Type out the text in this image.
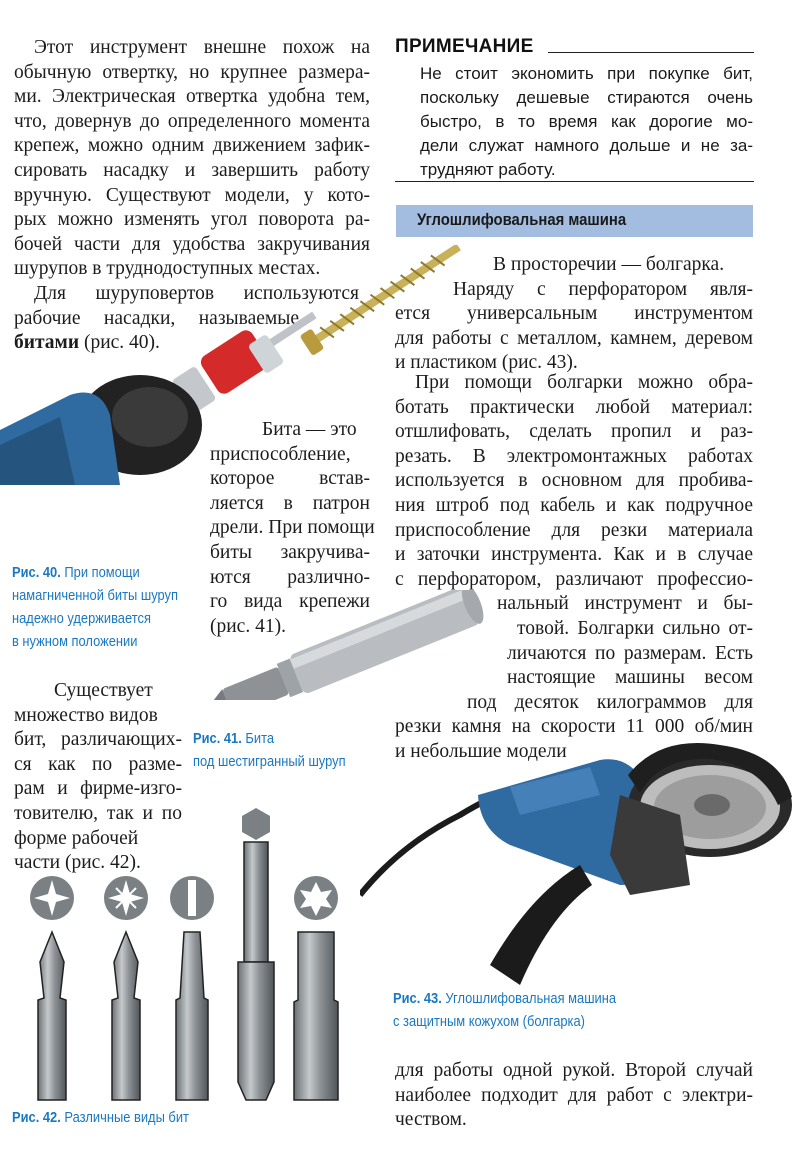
Этот инструмент внешне похож на
обычную отвертку, но крупнее размера-
ми. Электрическая отвертка удобна тем,
что, довернув до определенного момента
крепеж, можно одним движением зафик-
сировать насадку и завершить работу
вручную. Существуют модели, у кото-
рых можно изменять угол поворота ра-
бочей части для удобства закручивания
шурупов в труднодоступных местах.
Для шуруповертов используются
рабочие насадки, называемые
битами (рис. 40).
Бита — это
приспособление,
которое встав-
ляется в патрон
дрели. При помощи
биты закручива-
ются различно-
го вида крепежи
(рис. 41).
Рис. 40. При помощи
намагниченной биты шуруп
надежно удерживается
в нужном положении
Рис. 41. Бита
под шестигранный шуруп
Существует
множество видов
бит, различающих-
ся как по разме-
рам и фирме-изго-
товителю, так и по
форме рабочей
части (рис. 42).
Рис. 42. Различные виды бит
ПРИМЕЧАНИЕ
Не стоит экономить при покупке бит,
поскольку дешевые стираются очень
быстро, в то время как дорогие мо-
дели служат намного дольше и не за-
трудняют работу.
Углошлифовальная машина
В просторечии — болгарка.
Наряду с перфоратором явля-
ется универсальным инструментом
для работы с металлом, камнем, деревом
и пластиком (рис. 43).
При помощи болгарки можно обра-
ботать практически любой материал:
отшлифовать, сделать пропил и раз-
резать. В электромонтажных работах
используется в основном для пробива-
ния штроб под кабель и как подручное
приспособление для резки материала
и заточки инструмента. Как и в случае
с перфоратором, различают профессио-
нальный инструмент и бы-
товой. Болгарки сильно от-
личаются по размерам. Есть
настоящие машины весом
под десяток килограммов для
резки камня на скорости 11 000 об/мин
и небольшие модели
Рис. 43. Углошлифовальная машина
с защитным кожухом (болгарка)
для работы одной рукой. Второй случай
наиболее подходит для работ с электри-
чеством.
